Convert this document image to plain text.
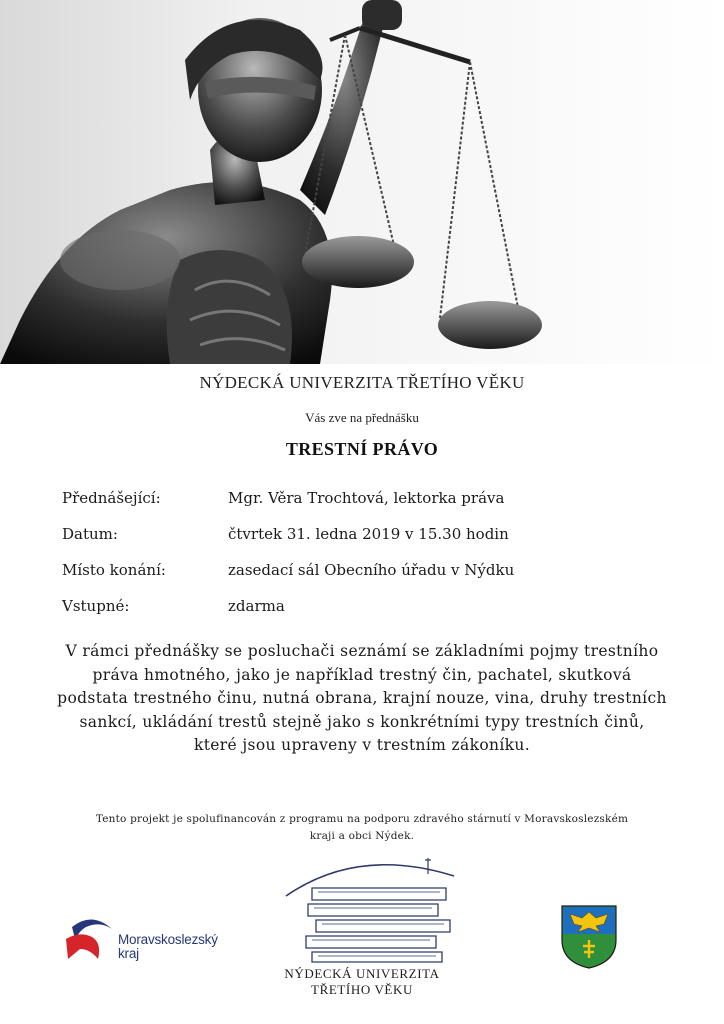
NÝDECKÁ UNIVERZITA TŘETÍHO VĚKU
Vás zve na přednášku
TRESTNÍ PRÁVO
Přednášející:	Mgr. Věra Trochtová, lektorka práva
Datum:	čtvrtek 31. ledna 2019 v 15.30 hodin
Místo konání:	zasedací sál Obecního úřadu v Nýdku
Vstupné:	zdarma
V rámci přednášky se posluchači seznámí se základními pojmy trestního práva hmotného, jako je například trestný čin, pachatel, skutková podstata trestného činu, nutná obrana, krajní nouze, vina, druhy trestních sankcí, ukládání trestů stejně jako s konkrétními typy trestních činů, které jsou upraveny v trestním zákoníku.
Tento projekt je spolufinancován z programu na podporu zdravého stárnutí v Moravskoslezském kraji a obci Nýdek.
Moravskoslezský
kraj
NÝDECKÁ UNIVERZITA
TŘETÍHO VĚKU
